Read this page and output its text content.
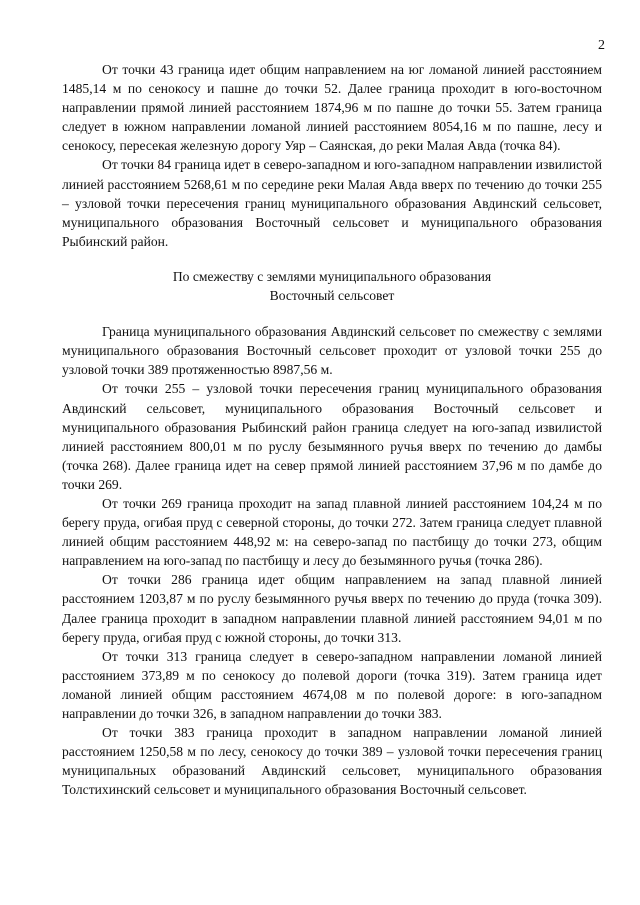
2

От точки 43 граница идет общим направлением на юг ломаной линией расстоянием 1485,14 м по сенокосу и пашне до точки 52. Далее граница проходит в юго-восточном направлении прямой линией расстоянием 1874,96 м по пашне до точки 55. Затем граница следует в южном направлении ломаной линией расстоянием 8054,16 м по пашне, лесу и сенокосу, пересекая железную дорогу Уяр – Саянская, до реки Малая Авда (точка 84).

От точки 84 граница идет в северо-западном и юго-западном направлении извилистой линией расстоянием 5268,61 м по середине реки Малая Авда вверх по течению до точки 255 – узловой точки пересечения границ муниципального образования Авдинский сельсовет, муниципального образования Восточный сельсовет и муниципального образования Рыбинский район.

По смежеству с землями муниципального образования
Восточный сельсовет

Граница муниципального образования Авдинский сельсовет по смежеству с землями муниципального образования Восточный сельсовет проходит от узловой точки 255 до узловой точки 389 протяженностью 8987,56 м.

От точки 255 – узловой точки пересечения границ муниципального образования Авдинский сельсовет, муниципального образования Восточный сельсовет и муниципального образования Рыбинский район граница следует на юго-запад извилистой линией расстоянием 800,01 м по руслу безымянного ручья вверх по течению до дамбы (точка 268). Далее граница идет на север прямой линией расстоянием 37,96 м по дамбе до точки 269.

От точки 269 граница проходит на запад плавной линией расстоянием 104,24 м по берегу пруда, огибая пруд с северной стороны, до точки 272. Затем граница следует плавной линией общим расстоянием 448,92 м: на северо-запад по пастбищу до точки 273, общим направлением на юго-запад по пастбищу и лесу до безымянного ручья (точка 286).

От точки 286 граница идет общим направлением на запад плавной линией расстоянием 1203,87 м по руслу безымянного ручья вверх по течению до пруда (точка 309). Далее граница проходит в западном направлении плавной линией расстоянием 94,01 м по берегу пруда, огибая пруд с южной стороны, до точки 313.

От точки 313 граница следует в северо-западном направлении ломаной линией расстоянием 373,89 м по сенокосу до полевой дороги (точка 319). Затем граница идет ломаной линией общим расстоянием 4674,08 м по полевой дороге: в юго-западном направлении до точки 326, в западном направлении до точки 383.

От точки 383 граница проходит в западном направлении ломаной линией расстоянием 1250,58 м по лесу, сенокосу до точки 389 – узловой точки пересечения границ муниципальных образований Авдинский сельсовет, муниципального образования Толстихинский сельсовет и муниципального образования Восточный сельсовет.
